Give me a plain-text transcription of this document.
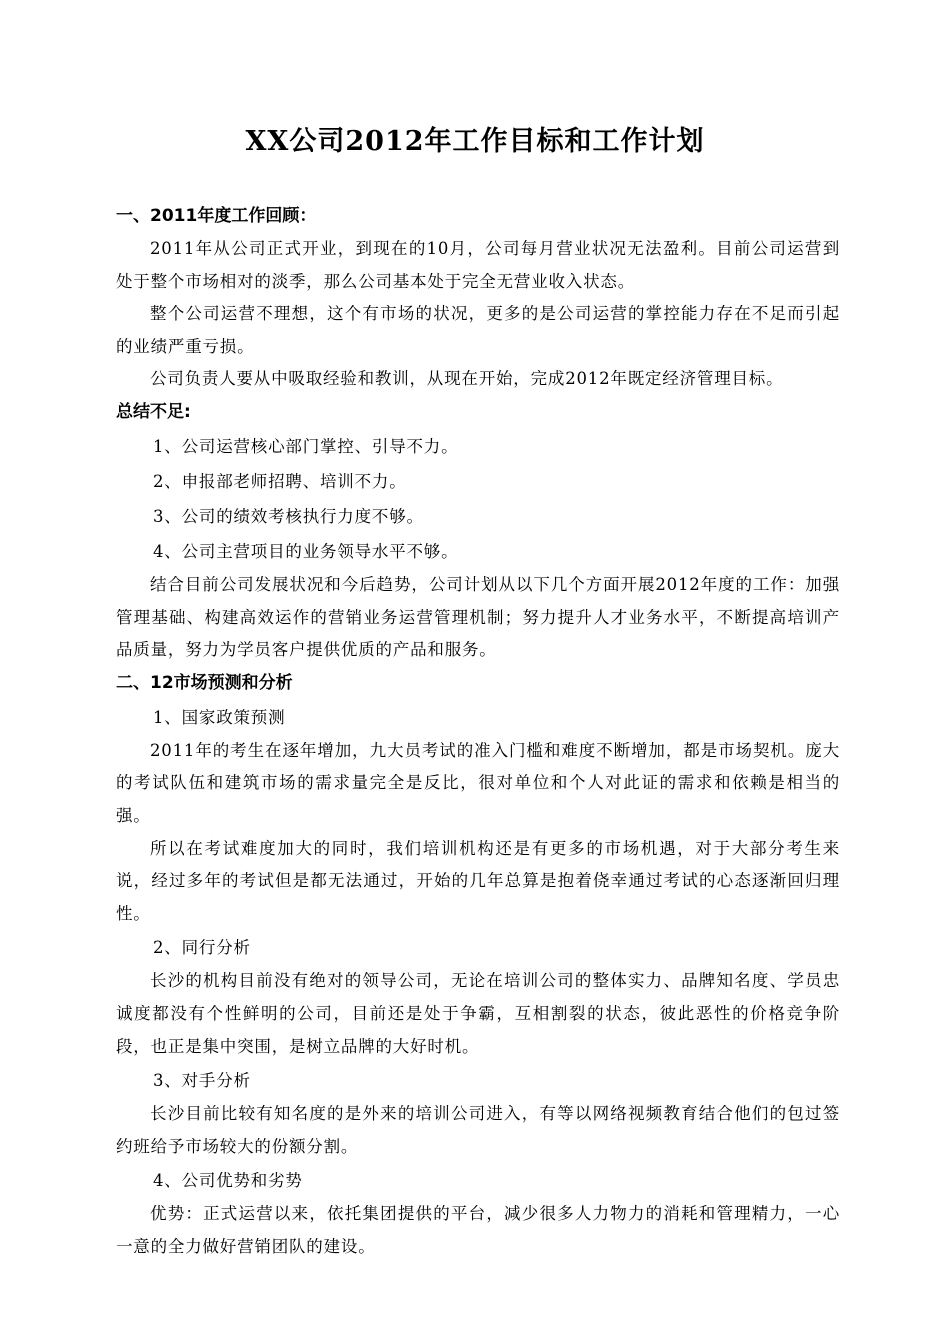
XX公司2012年工作目标和工作计划

一、2011年度工作回顾：

2011年从公司正式开业，到现在的10月，公司每月营业状况无法盈利。目前公司运营到处于整个市场相对的淡季，那么公司基本处于完全无营业收入状态。

整个公司运营不理想，这个有市场的状况，更多的是公司运营的掌控能力存在不足而引起的业绩严重亏损。

公司负责人要从中吸取经验和教训，从现在开始，完成2012年既定经济管理目标。

总结不足:

1、公司运营核心部门掌控、引导不力。

2、申报部老师招聘、培训不力。

3、公司的绩效考核执行力度不够。

4、公司主营项目的业务领导水平不够。

结合目前公司发展状况和今后趋势，公司计划从以下几个方面开展2012年度的工作：加强管理基础、构建高效运作的营销业务运营管理机制；努力提升人才业务水平，不断提高培训产品质量，努力为学员客户提供优质的产品和服务。

二、12市场预测和分析

1、国家政策预测

2011年的考生在逐年增加，九大员考试的准入门槛和难度不断增加，都是市场契机。庞大的考试队伍和建筑市场的需求量完全是反比，很对单位和个人对此证的需求和依赖是相当的强。

所以在考试难度加大的同时，我们培训机构还是有更多的市场机遇，对于大部分考生来说，经过多年的考试但是都无法通过，开始的几年总算是抱着侥幸通过考试的心态逐渐回归理性。

2、同行分析

长沙的机构目前没有绝对的领导公司，无论在培训公司的整体实力、品牌知名度、学员忠诚度都没有个性鲜明的公司，目前还是处于争霸，互相割裂的状态，彼此恶性的价格竞争阶段，也正是集中突围，是树立品牌的大好时机。

3、对手分析

长沙目前比较有知名度的是外来的培训公司进入，有等以网络视频教育结合他们的包过签约班给予市场较大的份额分割。

4、公司优势和劣势

优势：正式运营以来，依托集团提供的平台，减少很多人力物力的消耗和管理精力，一心一意的全力做好营销团队的建设。
